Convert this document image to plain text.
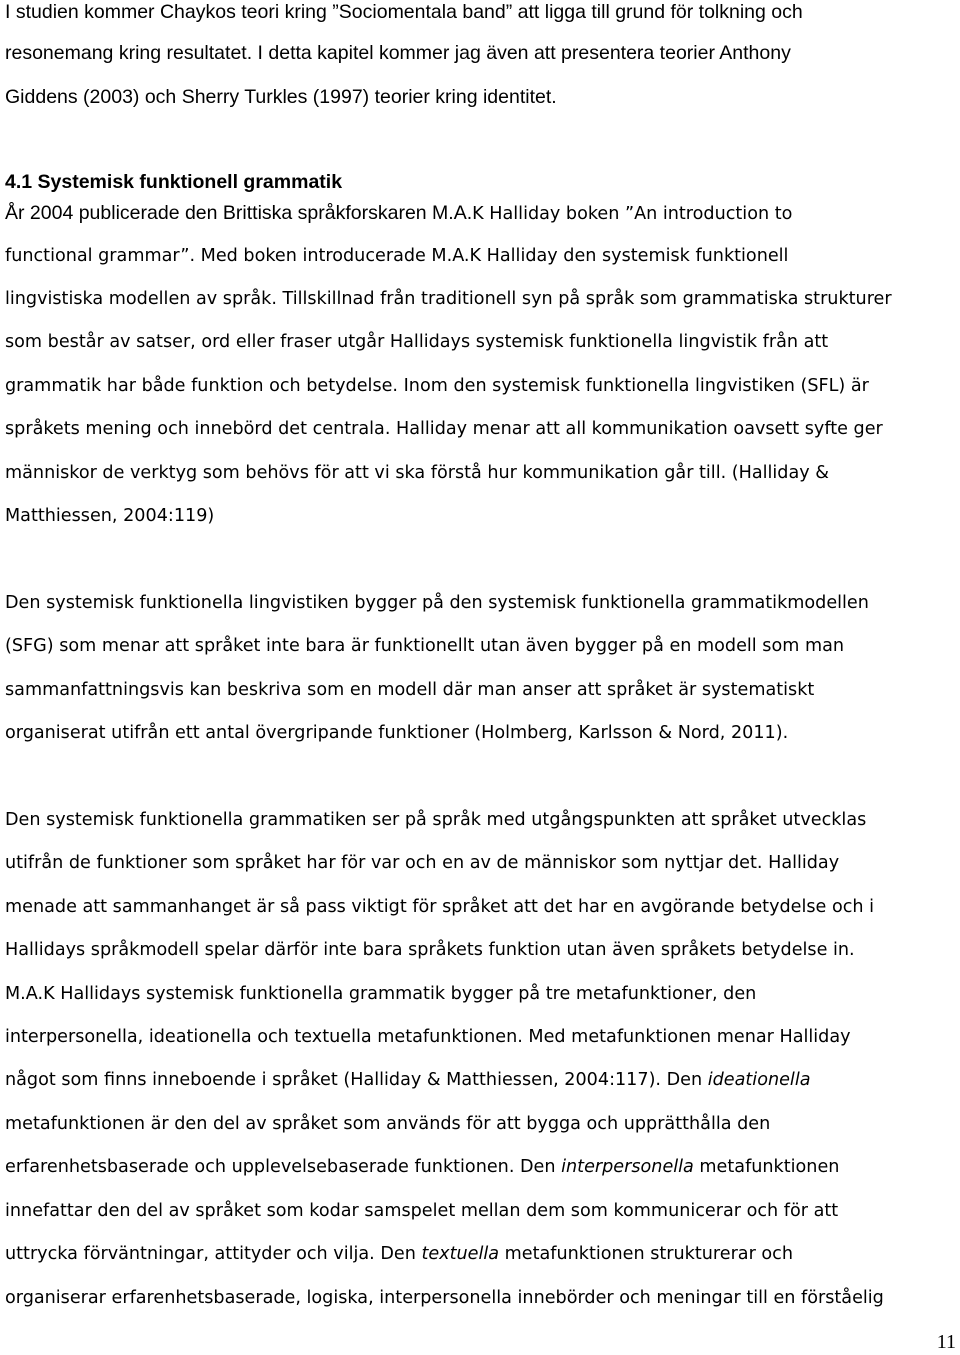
I studien kommer Chaykos teori kring ”Sociomentala band” att ligga till grund för tolkning och
resonemang kring resultatet. I detta kapitel kommer jag även att presentera teorier Anthony
Giddens (2003) och Sherry Turkles (1997) teorier kring identitet.
4.1 Systemisk funktionell grammatik
År 2004 publicerade den Brittiska språkforskaren M.A.K Halliday boken ”An introduction to
functional grammar”. Med boken introducerade M.A.K Halliday den systemisk funktionell
lingvistiska modellen av språk. Tillskillnad från traditionell syn på språk som grammatiska strukturer
som består av satser, ord eller fraser utgår Hallidays systemisk funktionella lingvistik från att
grammatik har både funktion och betydelse. Inom den systemisk funktionella lingvistiken (SFL) är
språkets mening och innebörd det centrala. Halliday menar att all kommunikation oavsett syfte ger
människor de verktyg som behövs för att vi ska förstå hur kommunikation går till. (Halliday &
Matthiessen, 2004:119)
Den systemisk funktionella lingvistiken bygger på den systemisk funktionella grammatikmodellen
(SFG) som menar att språket inte bara är funktionellt utan även bygger på en modell som man
sammanfattningsvis kan beskriva som en modell där man anser att språket är systematiskt
organiserat utifrån ett antal övergripande funktioner (Holmberg, Karlsson & Nord, 2011).
Den systemisk funktionella grammatiken ser på språk med utgångspunkten att språket utvecklas
utifrån de funktioner som språket har för var och en av de människor som nyttjar det. Halliday
menade att sammanhanget är så pass viktigt för språket att det har en avgörande betydelse och i
Hallidays språkmodell spelar därför inte bara språkets funktion utan även språkets betydelse in.
M.A.K Hallidays systemisk funktionella grammatik bygger på tre metafunktioner, den
interpersonella, ideationella och textuella metafunktionen. Med metafunktionen menar Halliday
något som finns inneboende i språket (Halliday & Matthiessen, 2004:117). Den ideationella
metafunktionen är den del av språket som används för att bygga och upprätthålla den
erfarenhetsbaserade och upplevelsebaserade funktionen. Den interpersonella metafunktionen
innefattar den del av språket som kodar samspelet mellan dem som kommunicerar och för att
uttrycka förväntningar, attityder och vilja. Den textuella metafunktionen strukturerar och
organiserar erfarenhetsbaserade, logiska, interpersonella innebörder och meningar till en förståelig
11
